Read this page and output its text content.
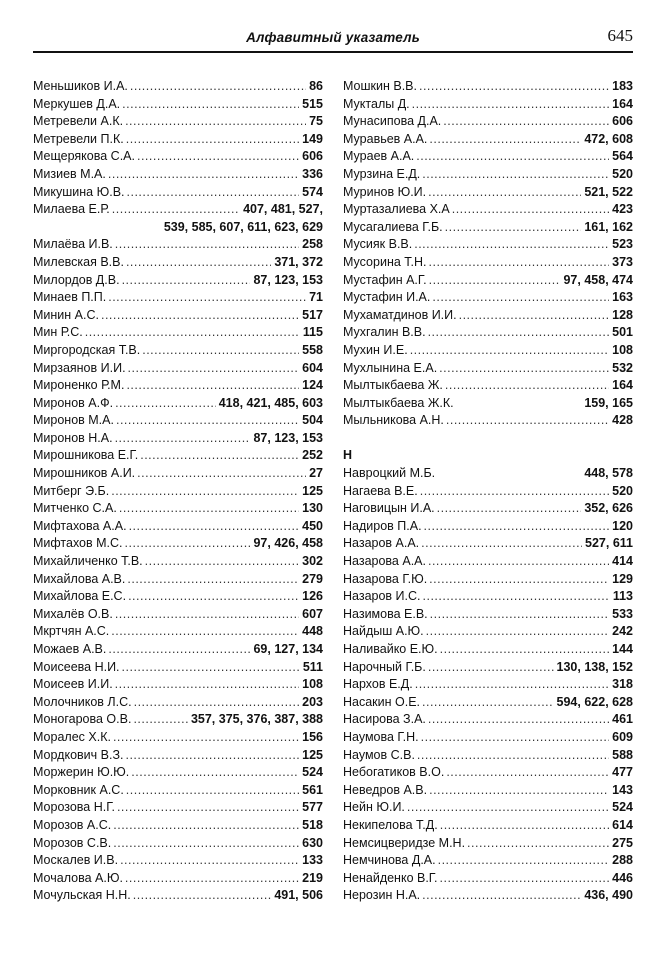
Алфавитный указатель	645
Меньшиков И.А. .....	86
Меркушев Д.А. .....	515
Метревели А.К. .....	75
Метревели П.К. .....	149
Мещерякова С.А. .....	606
Мизиев М.А. .....	336
Микушина Ю.В. .....	574
Милаева Е.Р. .....	407, 481, 527,
539, 585, 607, 611, 623, 629
Милаёва И.В. .....	258
Милевская В.В. .....	371, 372
Милордов Д.В. .....	87, 123, 153
Минаев П.П. .....	71
Минин А.С. .....	517
Мин Р.С. .....	115
Миргородская Т.В. .....	558
Мирзаянов И.И. .....	604
Мироненко Р.М. .....	124
Миронов А.Ф. .....	418, 421, 485, 603
Миронов М.А. .....	504
Миронов Н.А. .....	87, 123, 153
Мирошникова Е.Г. .....	252
Мирошников А.И. .....	27
Митберг Э.Б. .....	125
Митченко С.А. .....	130
Мифтахова А.А. .....	450
Мифтахов М.С. .....	97, 426, 458
Михайличенко Т.В. .....	302
Михайлова А.В. .....	279
Михайлова Е.С. .....	126
Михалёв О.В. .....	607
Мкртчян А.С. .....	448
Можаев А.В. .....	69, 127, 134
Моисеева Н.И. .....	511
Моисеев И.И. .....	108
Молочников Л.С. .....	203
Моногарова О.В. .....	357, 375, 376, 387, 388
Моралес Х.К. .....	156
Мордкович В.З. .....	125
Моржерин Ю.Ю. .....	524
Морковник А.С. .....	561
Морозова Н.Г. .....	577
Морозов А.С. .....	518
Морозов С.В. .....	630
Москалев И.В. .....	133
Мочалова А.Ю. .....	219
Мочульская Н.Н. .....	491, 506
Мошкин В.В. .....	183
Мукталы Д. .....	164
Мунасипова Д.А. .....	606
Муравьев А.А. .....	472, 608
Мураев А.А. .....	564
Мурзина Е.Д. .....	520
Муринов Ю.И. .....	521, 522
Муртазалиева Х.А .....	423
Мусагалиева Г.Б. .....	161, 162
Мусияк В.В. .....	523
Мусорина Т.Н. .....	373
Мустафин А.Г. .....	97, 458, 474
Мустафин И.А. .....	163
Мухаматдинов И.И. .....	128
Мухгалин В.В. .....	501
Мухин И.Е. .....	108
Мухлынина Е.А. .....	532
Мылтыкбаева Ж. .....	164
Мылтыкбаева Ж.К.	159, 165
Мыльникова А.Н. .....	428
Н
Навроцкий М.Б.	448, 578
Нагаева В.Е. .....	520
Наговицын И.А. .....	352, 626
Надиров П.А. .....	120
Назаров А.А. .....	527, 611
Назарова А.А. .....	414
Назарова Г.Ю. .....	129
Назаров И.С. .....	113
Назимова Е.В. .....	533
Найдыш А.Ю. .....	242
Наливайко Е.Ю. .....	144
Нарочный Г.Б. .....	130, 138, 152
Нархов Е.Д. .....	318
Насакин О.Е. .....	594, 622, 628
Насирова З.А. .....	461
Наумова Г.Н. .....	609
Наумов С.В. .....	588
Небогатиков В.О. .....	477
Неведров А.В. .....	143
Нейн Ю.И. .....	524
Некипелова Т.Д. .....	614
Немсицверидзе М.Н. .....	275
Немчинова Д.А. .....	288
Ненайденко В.Г. .....	446
Нерозин Н.А. .....	436, 490
